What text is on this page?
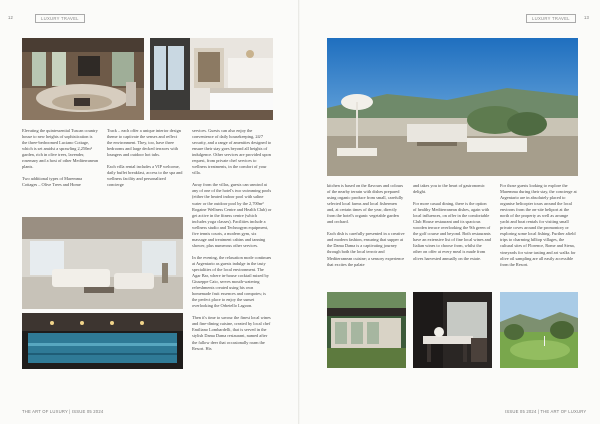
12	LUXURY TRAVEL

Elevating the quintessential Tuscan country house to new heights of sophistication is the three-bedroomed Luciano Cottage, which is set amidst a sprawling 2,250m² garden, rich in olive trees, lavender, rosemary and a host of other Mediterranean plants.

Two additional types of Maremma Cottages – Olive Trees and Home

Track – each offer a unique interior design theme to captivate the senses and reflect the environment. They, too, have three bedrooms and large decked terraces with loungers and outdoor hot tubs.

Each villa rental includes a VIP welcome, daily buffet breakfast, access to the spa and wellness facility and personalized concierge

services. Guests can also enjoy the convenience of daily housekeeping, 24/7 security, and a range of amenities designed to ensure their stay goes beyond all heights of indulgence. Other services are provided upon request, from private chef services to wellness treatments, in the comfort of your villa.

Away from the villas, guests can unwind at any of one of the hotel's two swimming pools (either the heated indoor pool with saline water or the outdoor pool by the 2,700m² Rogaine Wellness Centre and Health Club) or get active in the fitness centre (which includes yoga classes). Facilities include a wellness studio and Technogym equipment, five tennis courts, a modern gym, six massage and treatment cabins and tanning shower, plus numerous other services.

In the evening, the relaxation mode continues at Argentario as guests indulge in the tasty specialities of the local environment. The Agar Bar, where in-house cocktail mixed by Giuseppe Caio, serves mouth-watering refreshments created using his own homemade fruit essences and compotes; is the perfect place to enjoy the sunset overlooking the Orbetello Lagoon.

Then it's time to savour the finest local wines and fine-dining cuisine, created by local chef Emiliano Lombardelli, that is served in the stylish Dama Dama restaurant, named after the fallow deer that occasionally roam the Resort. His

THE ART OF LUXURY | ISSUE 05 2024
LUXURY TRAVEL	13

kitchen is based on the flavours and colours of the nearby terrain with dishes prepared using organic produce from small, carefully selected local farms and local fishermen and, at certain times of the year, directly from the hotel's organic vegetable garden and orchard.

Each dish is carefully presented in a creative and modern fashion, ensuring that supper at the Dama Dama is a captivating journey through both the local terroir and Mediterranean cuisine; a sensory experience that excites the palate

and takes you to the heart of gastronomic delight.

For more casual dining, there is the option of healthy Mediterranean dishes, again with local influences, on offer in the comfortable Club House restaurant and its spacious wooden terrace overlooking the 9th green of the golf course and beyond. Both restaurants have an extensive list of fine local wines and Italian wines to choose from, whilst the other on offer at every meal is made from olives harvested annually on the estate.

For those guests looking to explore the Maremma during their stay, the concierge at Argentario are in absolutely placed to organise helicopter tours around the local environs from the on-site heliport at the north of the property as well as arrange yacht and boat rentals for visiting small private coves around the promontory or exploring some local fishing. Further afield trips to charming hilltop villages, the cultural sites of Florence, Rome and Siena, vineyards for wine tasting and art walks for olive oil sampling are all easily accessible from the Resort.

ISSUE 05 2024 | THE ART OF LUXURY
